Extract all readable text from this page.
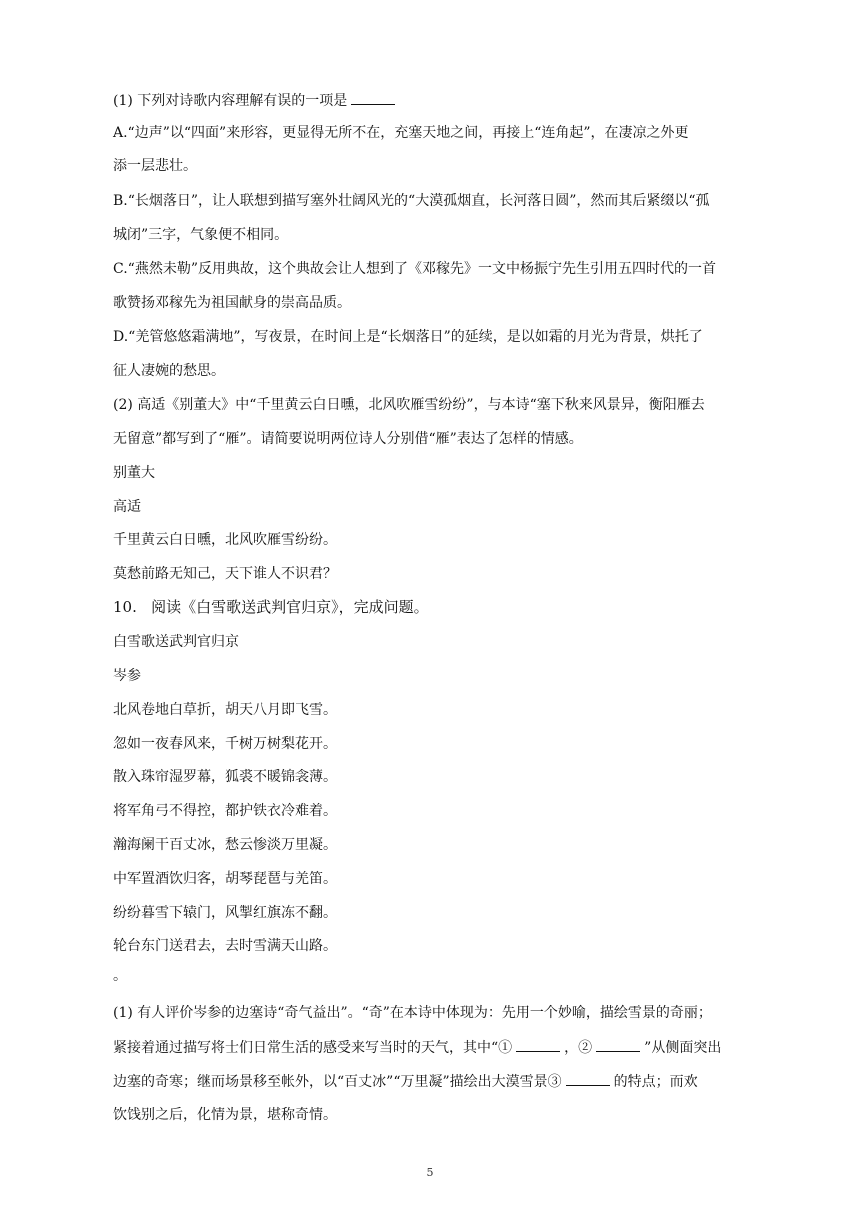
(1) 下列对诗歌内容理解有误的一项是
A.“边声”以“四面”来形容，更显得无所不在，充塞天地之间，再接上“连角起”，在凄凉之外更
添一层悲壮。
B.“长烟落日”，让人联想到描写塞外壮阔风光的“大漠孤烟直，长河落日圆”，然而其后紧缀以“孤
城闭”三字，气象便不相同。
C.“燕然未勒”反用典故，这个典故会让人想到了《邓稼先》一文中杨振宁先生引用五四时代的一首
歌赞扬邓稼先为祖国献身的崇高品质。
D.“羌管悠悠霜满地”，写夜景，在时间上是“长烟落日”的延续，是以如霜的月光为背景，烘托了
征人凄婉的愁思。
(2) 高适《别董大》中“千里黄云白日曛，北风吹雁雪纷纷”，与本诗“塞下秋来风景异，衡阳雁去
无留意”都写到了“雁”。请简要说明两位诗人分别借“雁”表达了怎样的情感。
别董大
高适
千里黄云白日曛，北风吹雁雪纷纷。
莫愁前路无知己，天下谁人不识君？
10. 阅读《白雪歌送武判官归京》，完成问题。
白雪歌送武判官归京
岑参
北风卷地白草折，胡天八月即飞雪。
忽如一夜春风来，千树万树梨花开。
散入珠帘湿罗幕，狐裘不暖锦衾薄。
将军角弓不得控，都护铁衣冷难着。
瀚海阑干百丈冰，愁云惨淡万里凝。
中军置酒饮归客，胡琴琵琶与羌笛。
纷纷暮雪下辕门，风掣红旗冻不翻。
轮台东门送君去，去时雪满天山路。
。
(1) 有人评价岑参的边塞诗“奇气益出”。“奇”在本诗中体现为：先用一个妙喻，描绘雪景的奇丽；
紧接着通过描写将士们日常生活的感受来写当时的天气，其中“①	，②	”从侧面突出
边塞的奇寒；继而场景移至帐外，以“百丈冰”“万里凝”描绘出大漠雪景③	的特点；而欢
饮饯别之后，化情为景，堪称奇情。
5
